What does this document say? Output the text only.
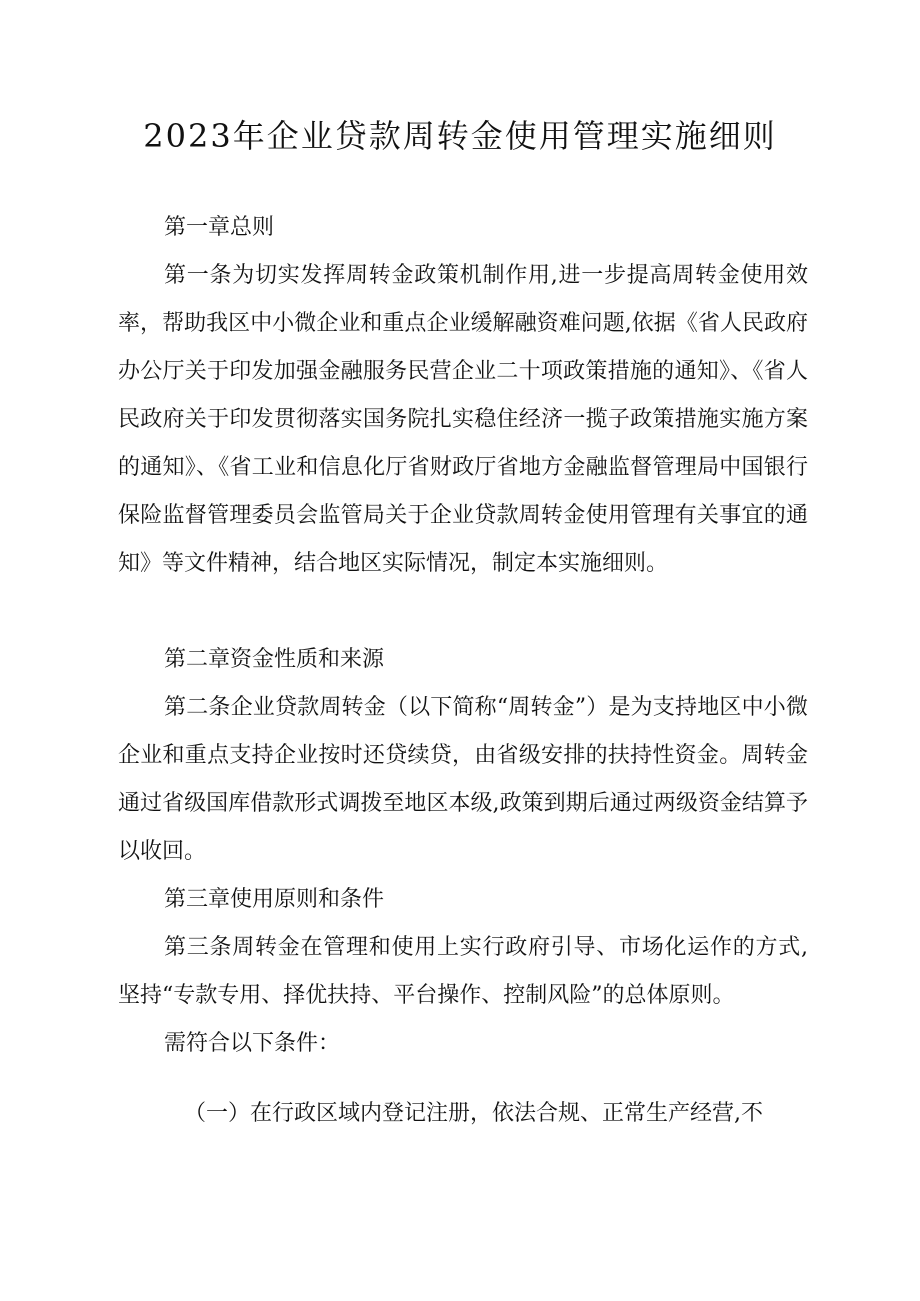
2023年企业贷款周转金使用管理实施细则

第一章总则

第一条为切实发挥周转金政策机制作用,进一步提高周转金使用效率，帮助我区中小微企业和重点企业缓解融资难问题,依据《省人民政府办公厅关于印发加强金融服务民营企业二十项政策措施的通知》、《省人民政府关于印发贯彻落实国务院扎实稳住经济一揽子政策措施实施方案的通知》、《省工业和信息化厅省财政厅省地方金融监督管理局中国银行保险监督管理委员会监管局关于企业贷款周转金使用管理有关事宜的通知》等文件精神，结合地区实际情况，制定本实施细则。

第二章资金性质和来源

第二条企业贷款周转金（以下简称“周转金”）是为支持地区中小微企业和重点支持企业按时还贷续贷，由省级安排的扶持性资金。周转金通过省级国库借款形式调拨至地区本级,政策到期后通过两级资金结算予以收回。

第三章使用原则和条件

第三条周转金在管理和使用上实行政府引导、市场化运作的方式,坚持“专款专用、择优扶持、平台操作、控制风险”的总体原则。

需符合以下条件：

（一）在行政区域内登记注册，依法合规、正常生产经营,不
